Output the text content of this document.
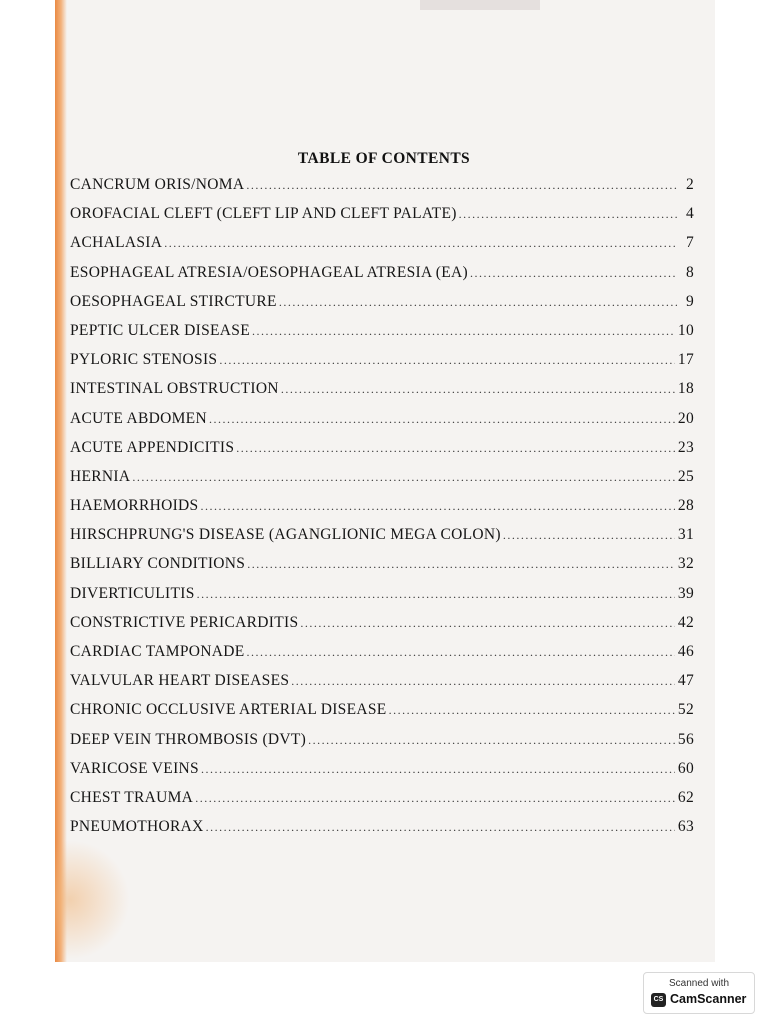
TABLE OF CONTENTS
CANCRUM ORIS/NOMA .....	2
OROFACIAL CLEFT (CLEFT LIP AND CLEFT PALATE) .....	4
ACHALASIA .....	7
ESOPHAGEAL ATRESIA/OESOPHAGEAL ATRESIA (EA) .....	8
OESOPHAGEAL STIRCTURE .....	9
PEPTIC ULCER DISEASE .....	10
PYLORIC STENOSIS .....	17
INTESTINAL OBSTRUCTION .....	18
ACUTE ABDOMEN .....	20
ACUTE APPENDICITIS .....	23
HERNIA .....	25
HAEMORRHOIDS .....	28
HIRSCHPRUNG'S DISEASE (AGANGLIONIC MEGA COLON) .....	31
BILLIARY CONDITIONS .....	32
DIVERTICULITIS .....	39
CONSTRICTIVE PERICARDITIS .....	42
CARDIAC TAMPONADE .....	46
VALVULAR HEART DISEASES .....	47
CHRONIC OCCLUSIVE ARTERIAL DISEASE .....	52
DEEP VEIN THROMBOSIS (DVT) .....	56
VARICOSE VEINS .....	60
CHEST TRAUMA .....	62
PNEUMOTHORAX .....	63
Scanned with
CS CamScanner
